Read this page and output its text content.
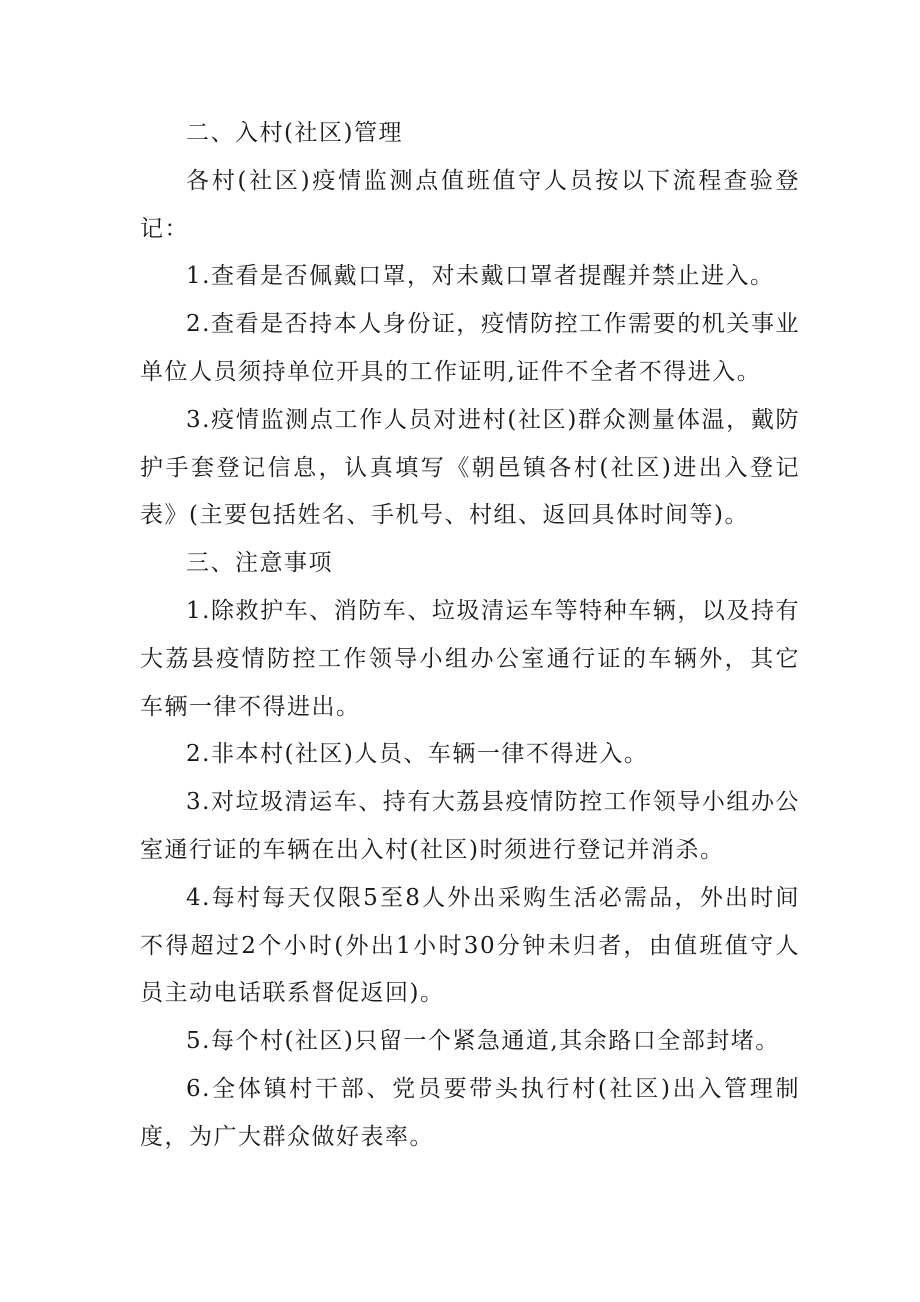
二、入村(社区)管理

各村(社区)疫情监测点值班值守人员按以下流程查验登记：

1.查看是否佩戴口罩，对未戴口罩者提醒并禁止进入。

2.查看是否持本人身份证，疫情防控工作需要的机关事业单位人员须持单位开具的工作证明,证件不全者不得进入。

3.疫情监测点工作人员对进村(社区)群众测量体温，戴防护手套登记信息，认真填写《朝邑镇各村(社区)进出入登记表》(主要包括姓名、手机号、村组、返回具体时间等)。

三、注意事项

1.除救护车、消防车、垃圾清运车等特种车辆，以及持有大荔县疫情防控工作领导小组办公室通行证的车辆外，其它车辆一律不得进出。

2.非本村(社区)人员、车辆一律不得进入。

3.对垃圾清运车、持有大荔县疫情防控工作领导小组办公室通行证的车辆在出入村(社区)时须进行登记并消杀。

4.每村每天仅限5至8人外出采购生活必需品，外出时间不得超过2个小时(外出1小时30分钟未归者，由值班值守人员主动电话联系督促返回)。

5.每个村(社区)只留一个紧急通道,其余路口全部封堵。

6.全体镇村干部、党员要带头执行村(社区)出入管理制度，为广大群众做好表率。
